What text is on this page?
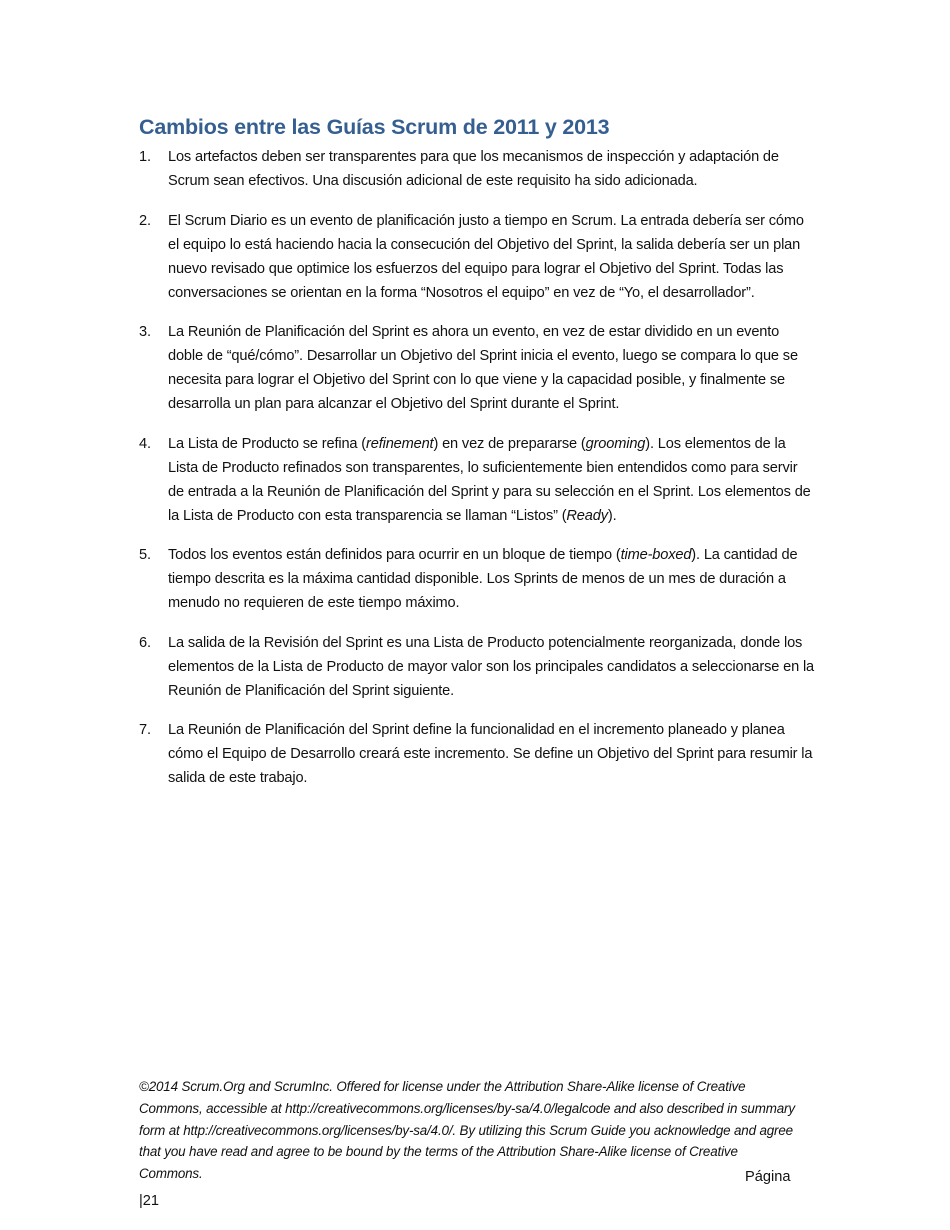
Cambios entre las Guías Scrum de 2011 y 2013
1. Los artefactos deben ser transparentes para que los mecanismos de inspección y adaptación de Scrum sean efectivos. Una discusión adicional de este requisito ha sido adicionada.
2. El Scrum Diario es un evento de planificación justo a tiempo en Scrum. La entrada debería ser cómo el equipo lo está haciendo hacia la consecución del Objetivo del Sprint, la salida debería ser un plan nuevo revisado que optimice los esfuerzos del equipo para lograr el Objetivo del Sprint. Todas las conversaciones se orientan en la forma “Nosotros el equipo” en vez de “Yo, el desarrollador”.
3. La Reunión de Planificación del Sprint es ahora un evento, en vez de estar dividido en un evento doble de “qué/cómo”. Desarrollar un Objetivo del Sprint inicia el evento, luego se compara lo que se necesita para lograr el Objetivo del Sprint con lo que viene y la capacidad posible, y finalmente se desarrolla un plan para alcanzar el Objetivo del Sprint durante el Sprint.
4. La Lista de Producto se refina (refinement) en vez de prepararse (grooming). Los elementos de la Lista de Producto refinados son transparentes, lo suficientemente bien entendidos como para servir de entrada a la Reunión de Planificación del Sprint y para su selección en el Sprint. Los elementos de la Lista de Producto con esta transparencia se llaman “Listos” (Ready).
5. Todos los eventos están definidos para ocurrir en un bloque de tiempo (time-boxed). La cantidad de tiempo descrita es la máxima cantidad disponible. Los Sprints de menos de un mes de duración a menudo no requieren de este tiempo máximo.
6. La salida de la Revisión del Sprint es una Lista de Producto potencialmente reorganizada, donde los elementos de la Lista de Producto de mayor valor son los principales candidatos a seleccionarse en la Reunión de Planificación del Sprint siguiente.
7. La Reunión de Planificación del Sprint define la funcionalidad en el incremento planeado y planea cómo el Equipo de Desarrollo creará este incremento. Se define un Objetivo del Sprint para resumir la salida de este trabajo.

©2014 Scrum.Org and ScrumInc. Offered for license under the Attribution Share-Alike license of Creative Commons, accessible at http://creativecommons.org/licenses/by-sa/4.0/legalcode and also described in summary form at http://creativecommons.org/licenses/by-sa/4.0/. By utilizing this Scrum Guide you acknowledge and agree that you have read and agree to be bound by the terms of the Attribution Share-Alike license of Creative Commons.	Página
|21
